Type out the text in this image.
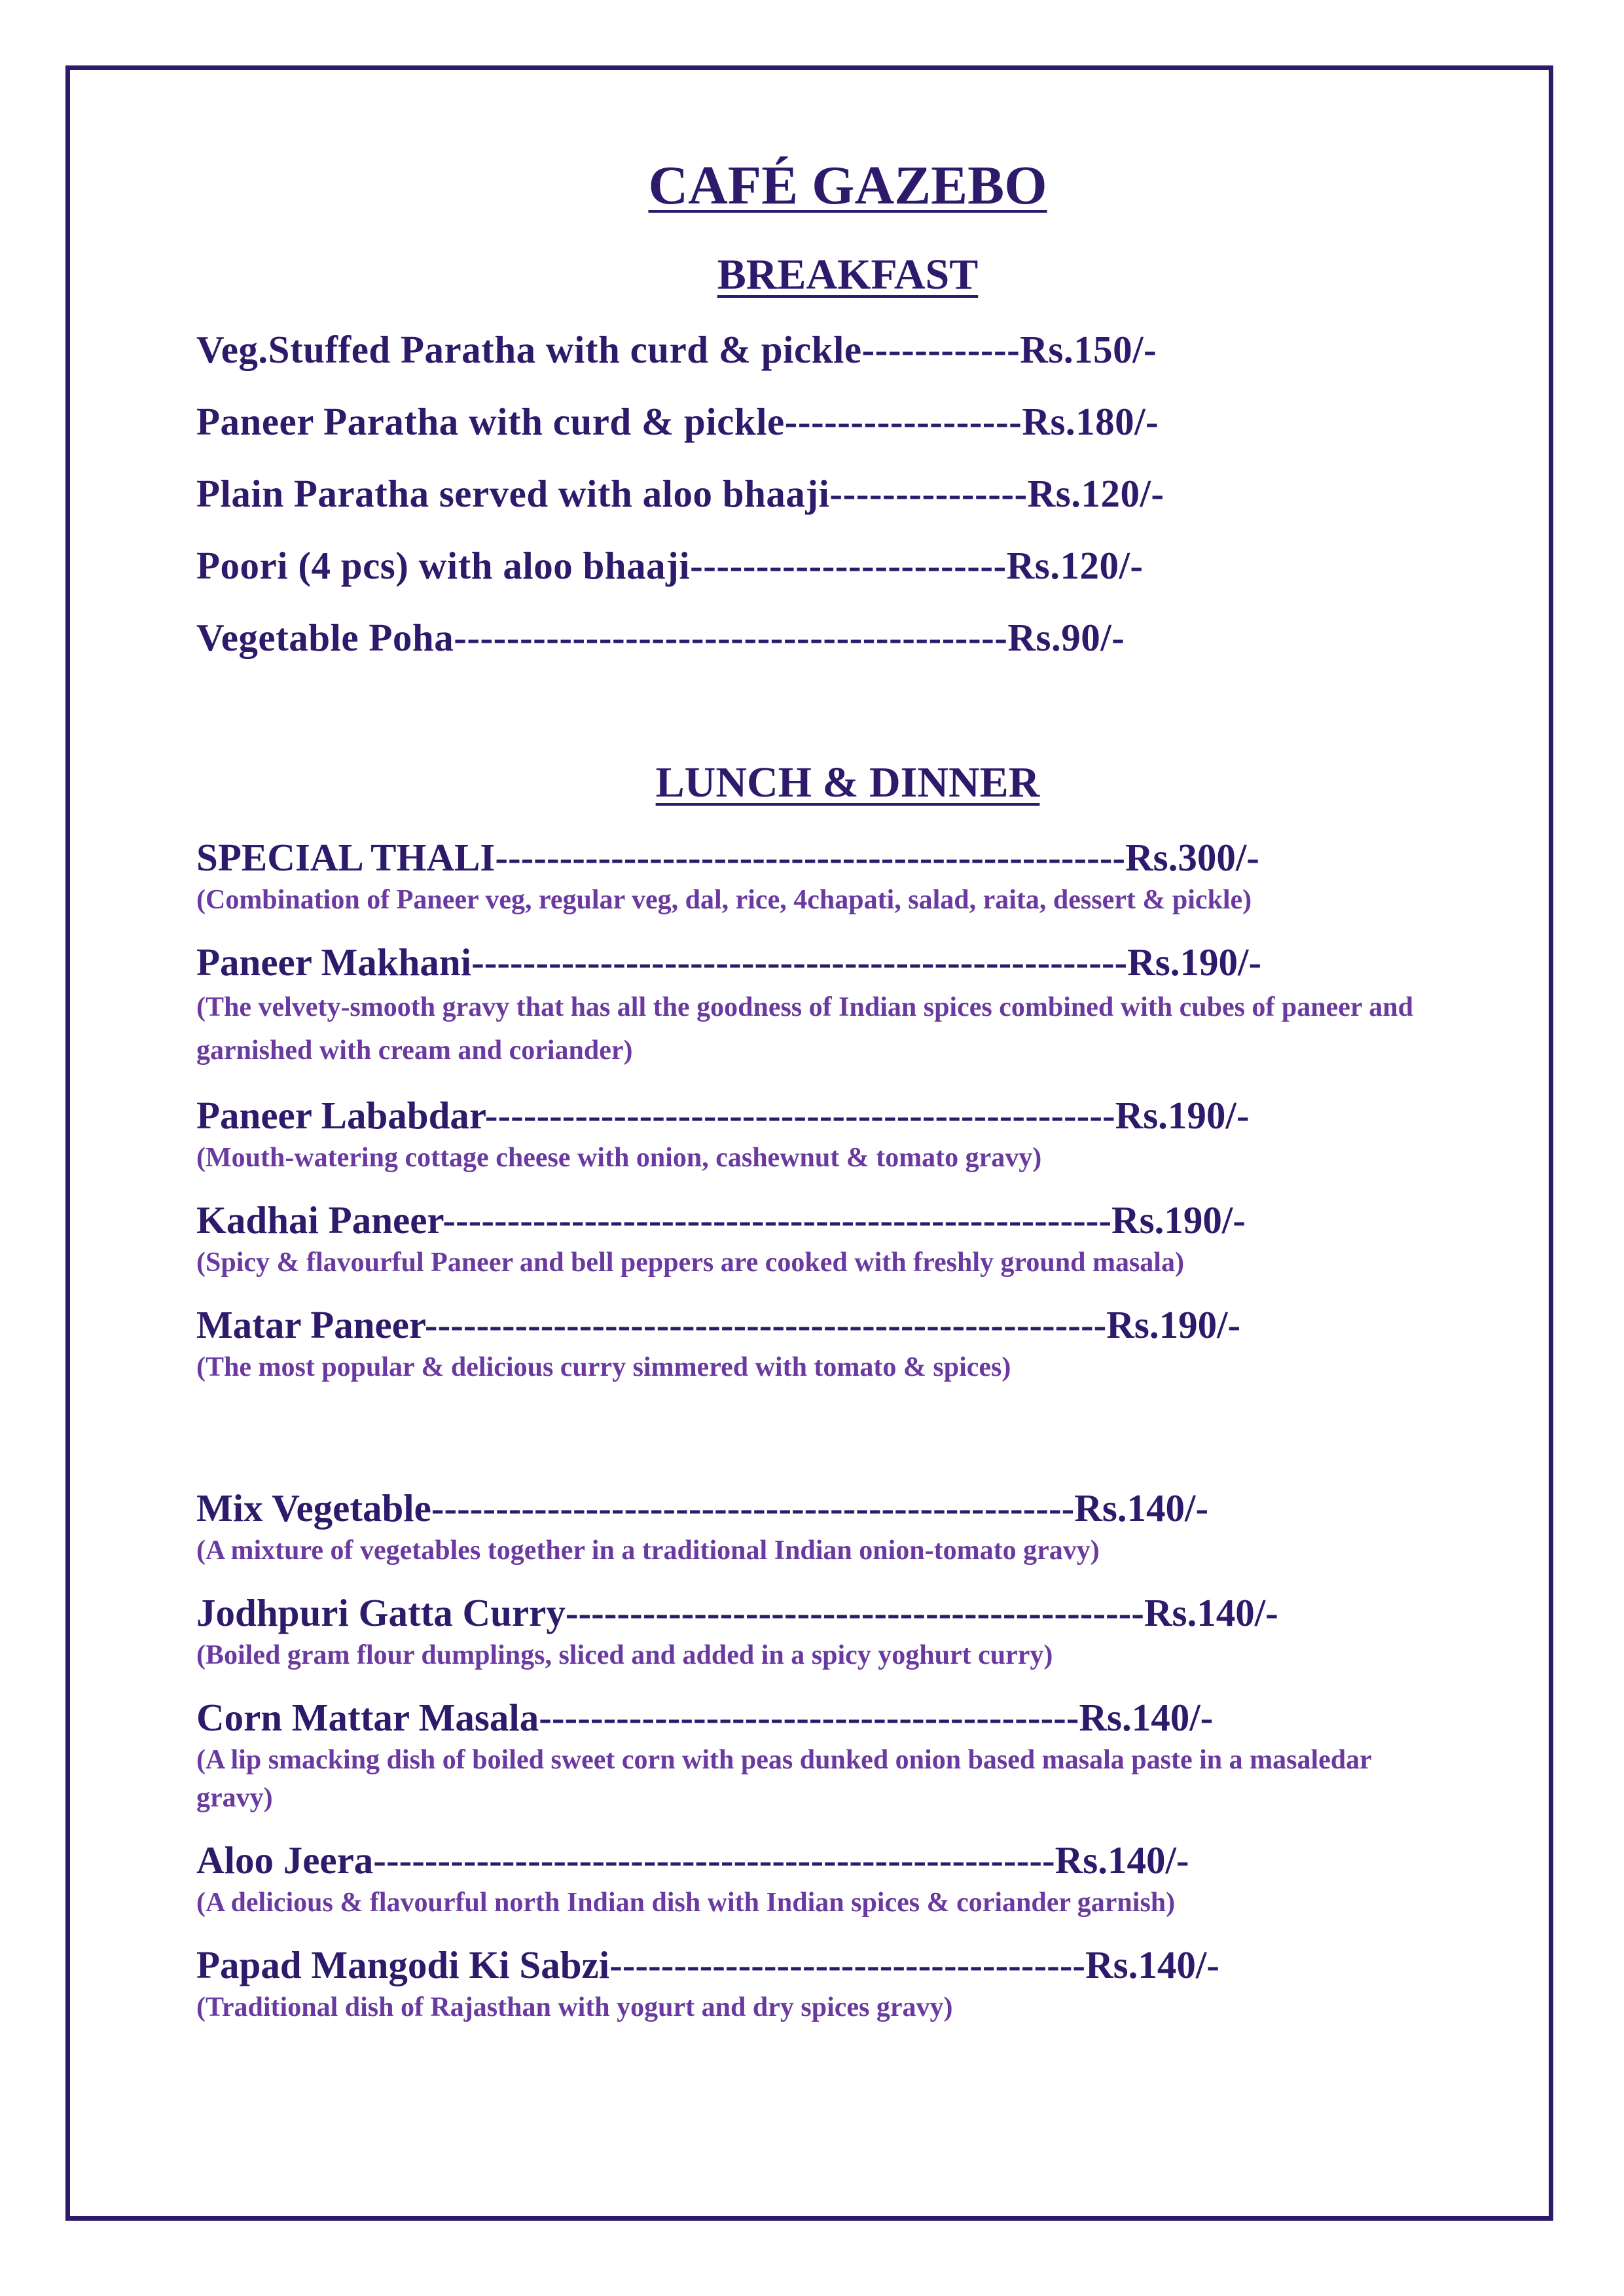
CAFÉ GAZEBO
BREAKFAST
Veg.Stuffed Paratha with curd & pickle------------Rs.150/-
Paneer Paratha with curd & pickle------------------Rs.180/-
Plain Paratha served with aloo bhaaji---------------Rs.120/-
Poori (4 pcs) with aloo bhaaji------------------------Rs.120/-
Vegetable Poha------------------------------------------Rs.90/-
LUNCH & DINNER
SPECIAL THALI-------------------------------------------------Rs.300/-
(Combination of Paneer veg, regular veg, dal, rice, 4chapati, salad, raita, dessert & pickle)
Paneer Makhani---------------------------------------------------Rs.190/-
(The velvety-smooth gravy that has all the goodness of Indian spices combined with cubes of paneer and garnished with cream and coriander)
Paneer Lababdar-------------------------------------------------Rs.190/-
(Mouth-watering cottage cheese with onion, cashewnut & tomato gravy)
Kadhai Paneer----------------------------------------------------Rs.190/-
(Spicy & flavourful Paneer and bell peppers are cooked with freshly ground masala)
Matar Paneer-----------------------------------------------------Rs.190/-
(The most popular & delicious curry simmered with tomato & spices)
Mix Vegetable--------------------------------------------------Rs.140/-
(A mixture of vegetables together in a traditional Indian onion-tomato gravy)
Jodhpuri Gatta Curry---------------------------------------------Rs.140/-
(Boiled gram flour dumplings, sliced and added in a spicy yoghurt curry)
Corn Mattar Masala------------------------------------------Rs.140/-
(A lip smacking dish of boiled sweet corn with peas dunked onion based masala paste in a masaledar gravy)
Aloo Jeera-----------------------------------------------------Rs.140/-
(A delicious & flavourful north Indian dish with Indian spices & coriander garnish)
Papad Mangodi Ki Sabzi-------------------------------------Rs.140/-
(Traditional dish of Rajasthan with yogurt and dry spices gravy)
